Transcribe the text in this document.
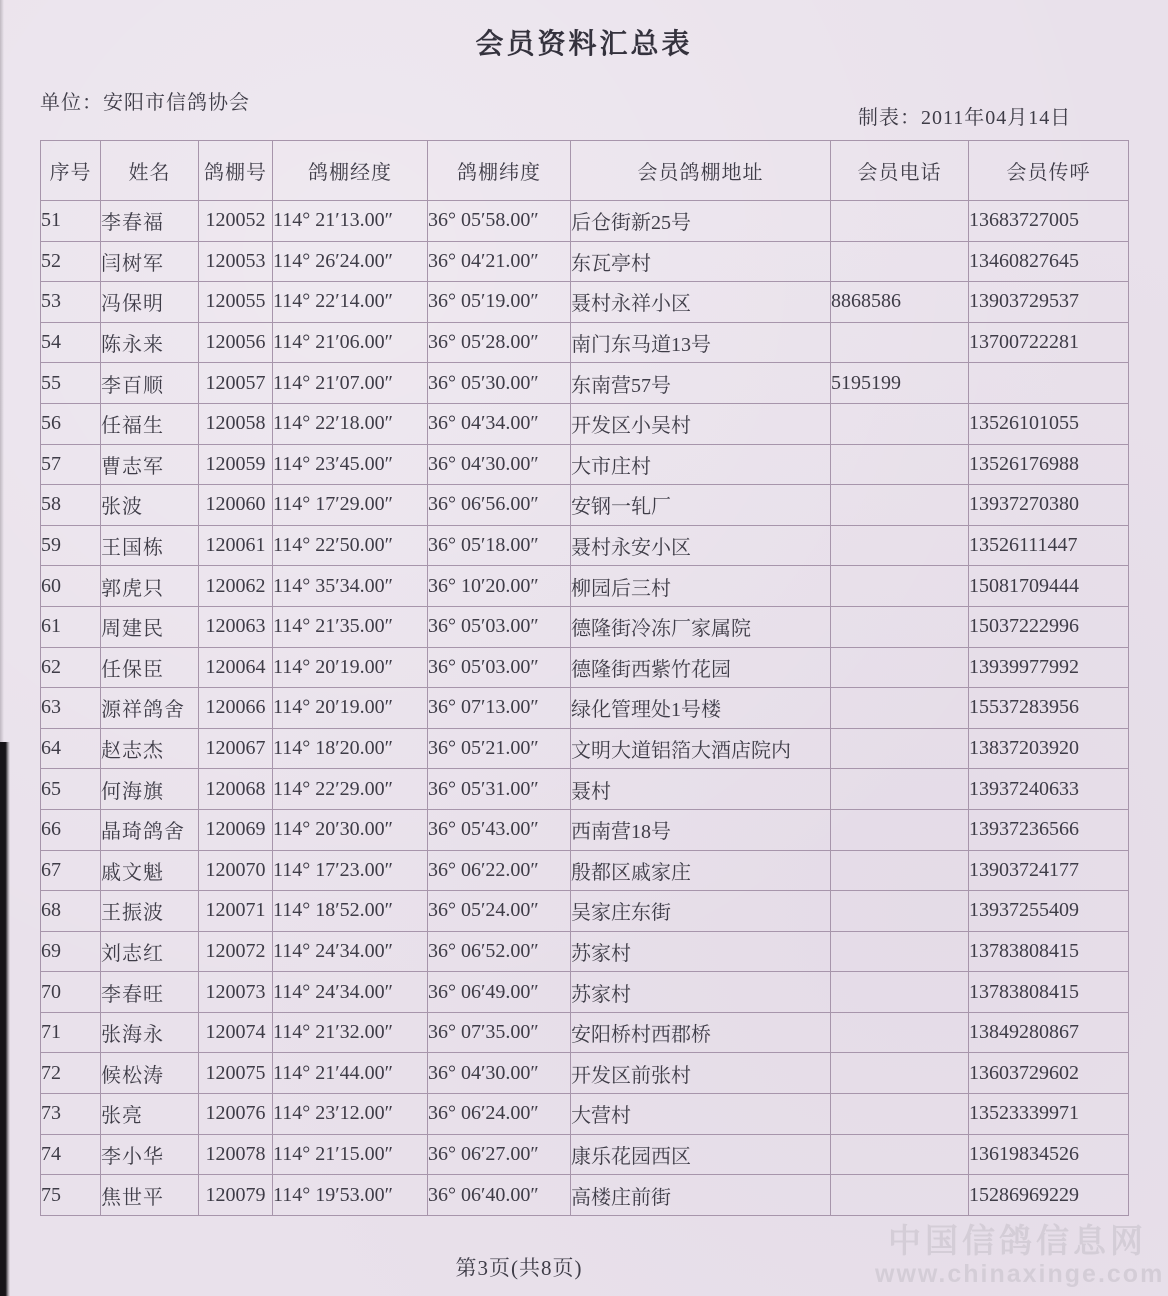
会员资料汇总表
单位：安阳市信鸽协会
制表：2011年04月14日
序号	姓名	鸽棚号	鸽棚经度	鸽棚纬度	会员鸽棚地址	会员电话	会员传呼
51	李春福	120052	114° 21′13.00″	36° 05′58.00″	后仓街新25号		13683727005
52	闫树军	120053	114° 26′24.00″	36° 04′21.00″	东瓦亭村		13460827645
53	冯保明	120055	114° 22′14.00″	36° 05′19.00″	聂村永祥小区	8868586	13903729537
54	陈永来	120056	114° 21′06.00″	36° 05′28.00″	南门东马道13号		13700722281
55	李百顺	120057	114° 21′07.00″	36° 05′30.00″	东南营57号	5195199	
56	任福生	120058	114° 22′18.00″	36° 04′34.00″	开发区小吴村		13526101055
57	曹志军	120059	114° 23′45.00″	36° 04′30.00″	大市庄村		13526176988
58	张波	120060	114° 17′29.00″	36° 06′56.00″	安钢一轧厂		13937270380
59	王国栋	120061	114° 22′50.00″	36° 05′18.00″	聂村永安小区		13526111447
60	郭虎只	120062	114° 35′34.00″	36° 10′20.00″	柳园后三村		15081709444
61	周建民	120063	114° 21′35.00″	36° 05′03.00″	德隆街冷冻厂家属院		15037222996
62	任保臣	120064	114° 20′19.00″	36° 05′03.00″	德隆街西紫竹花园		13939977992
63	源祥鸽舍	120066	114° 20′19.00″	36° 07′13.00″	绿化管理处1号楼		15537283956
64	赵志杰	120067	114° 18′20.00″	36° 05′21.00″	文明大道铝箔大酒店院内		13837203920
65	何海旗	120068	114° 22′29.00″	36° 05′31.00″	聂村		13937240633
66	晶琦鸽舍	120069	114° 20′30.00″	36° 05′43.00″	西南营18号		13937236566
67	戚文魁	120070	114° 17′23.00″	36° 06′22.00″	殷都区戚家庄		13903724177
68	王振波	120071	114° 18′52.00″	36° 05′24.00″	吴家庄东街		13937255409
69	刘志红	120072	114° 24′34.00″	36° 06′52.00″	苏家村		13783808415
70	李春旺	120073	114° 24′34.00″	36° 06′49.00″	苏家村		13783808415
71	张海永	120074	114° 21′32.00″	36° 07′35.00″	安阳桥村西郡桥		13849280867
72	候松涛	120075	114° 21′44.00″	36° 04′30.00″	开发区前张村		13603729602
73	张亮	120076	114° 23′12.00″	36° 06′24.00″	大营村		13523339971
74	李小华	120078	114° 21′15.00″	36° 06′27.00″	康乐花园西区		13619834526
75	焦世平	120079	114° 19′53.00″	36° 06′40.00″	高楼庄前街		15286969229
第3页(共8页)
中国信鸽信息网
www.chinaxinge.com
